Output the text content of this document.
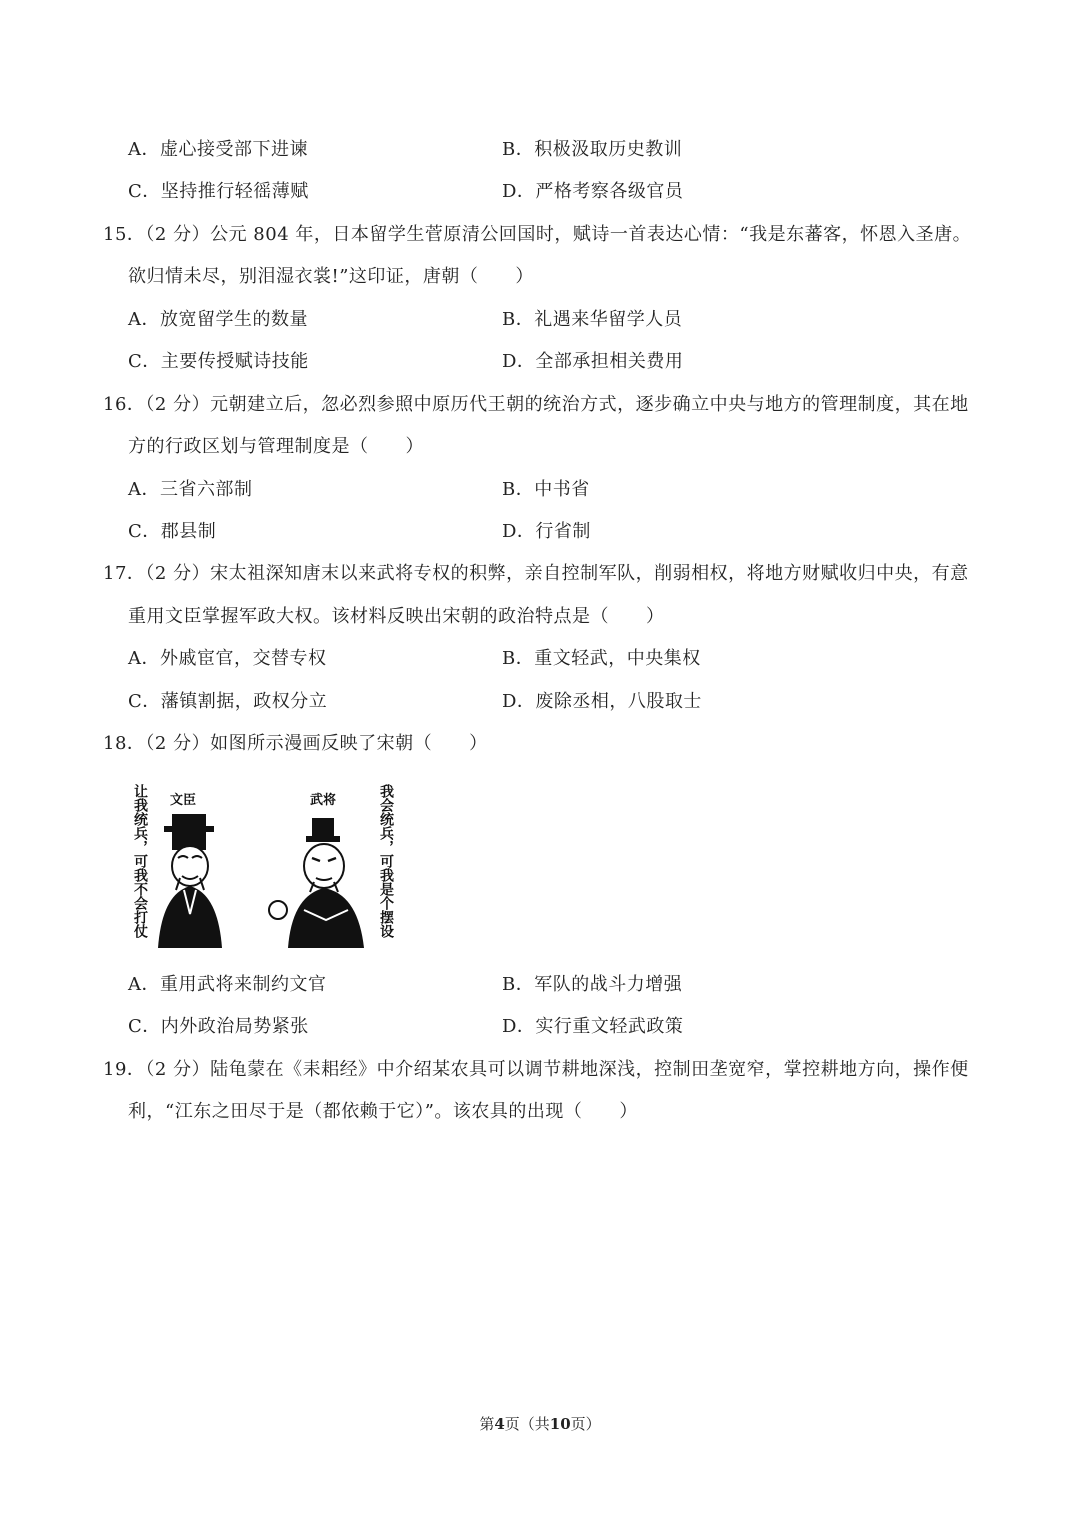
A．虚心接受部下进谏	B．积极汲取历史教训
C．坚持推行轻徭薄赋	D．严格考察各级官员
15．（2 分）公元 804 年，日本留学生菅原清公回国时，赋诗一首表达心情：“我是东蕃客，怀恩入圣唐。
欲归情未尽，别泪湿衣裳!”这印证，唐朝（　　）
A．放宽留学生的数量	B．礼遇来华留学人员
C．主要传授赋诗技能	D．全部承担相关费用
16．（2 分）元朝建立后，忽必烈参照中原历代王朝的统治方式，逐步确立中央与地方的管理制度，其在地
方的行政区划与管理制度是（　　）
A．三省六部制	B．中书省
C．郡县制	D．行省制
17．（2 分）宋太祖深知唐末以来武将专权的积弊，亲自控制军队，削弱相权，将地方财赋收归中央，有意
重用文臣掌握军政大权。该材料反映出宋朝的政治特点是（　　）
A．外戚宦官，交替专权	B．重文轻武，中央集权
C．藩镇割据，政权分立	D．废除丞相，八股取士
18．（2 分）如图所示漫画反映了宋朝（　　）
让我统兵，可我不会打仗 文臣	武将	我会统兵，可我是个摆设
A．重用武将来制约文官	B．军队的战斗力增强
C．内外政治局势紧张	D．实行重文轻武政策
19．（2 分）陆龟蒙在《耒耜经》中介绍某农具可以调节耕地深浅，控制田垄宽窄，掌控耕地方向，操作便
利，“江东之田尽于是（都依赖于它）”。该农具的出现（　　）
第4页（共10页）
